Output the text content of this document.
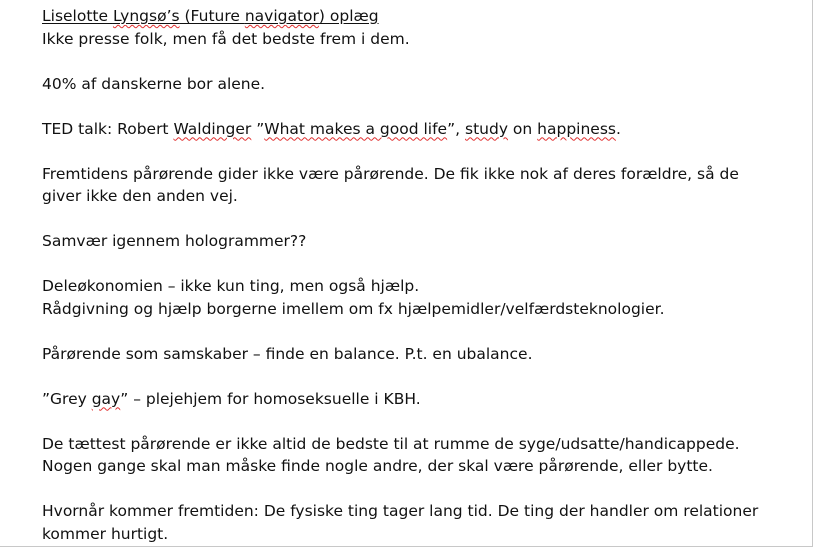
Liselotte Lyngsø’s (Future navigator) oplæg

Ikke presse folk, men få det bedste frem i dem.

40% af danskerne bor alene.

TED talk: Robert Waldinger ”What makes a good life”, study on happiness.

Fremtidens pårørende gider ikke være pårørende. De fik ikke nok af deres forældre, så de

giver ikke den anden vej.

Samvær igennem hologrammer??

Deleøkonomien – ikke kun ting, men også hjælp.

Rådgivning og hjælp borgerne imellem om fx hjælpemidler/velfærdsteknologier.

Pårørende som samskaber – finde en balance. P.t. en ubalance.

”Grey gay” – plejehjem for homoseksuelle i KBH.

De tættest pårørende er ikke altid de bedste til at rumme de syge/udsatte/handicappede.

Nogen gange skal man måske finde nogle andre, der skal være pårørende, eller bytte.

Hvornår kommer fremtiden: De fysiske ting tager lang tid. De ting der handler om relationer

kommer hurtigt.
